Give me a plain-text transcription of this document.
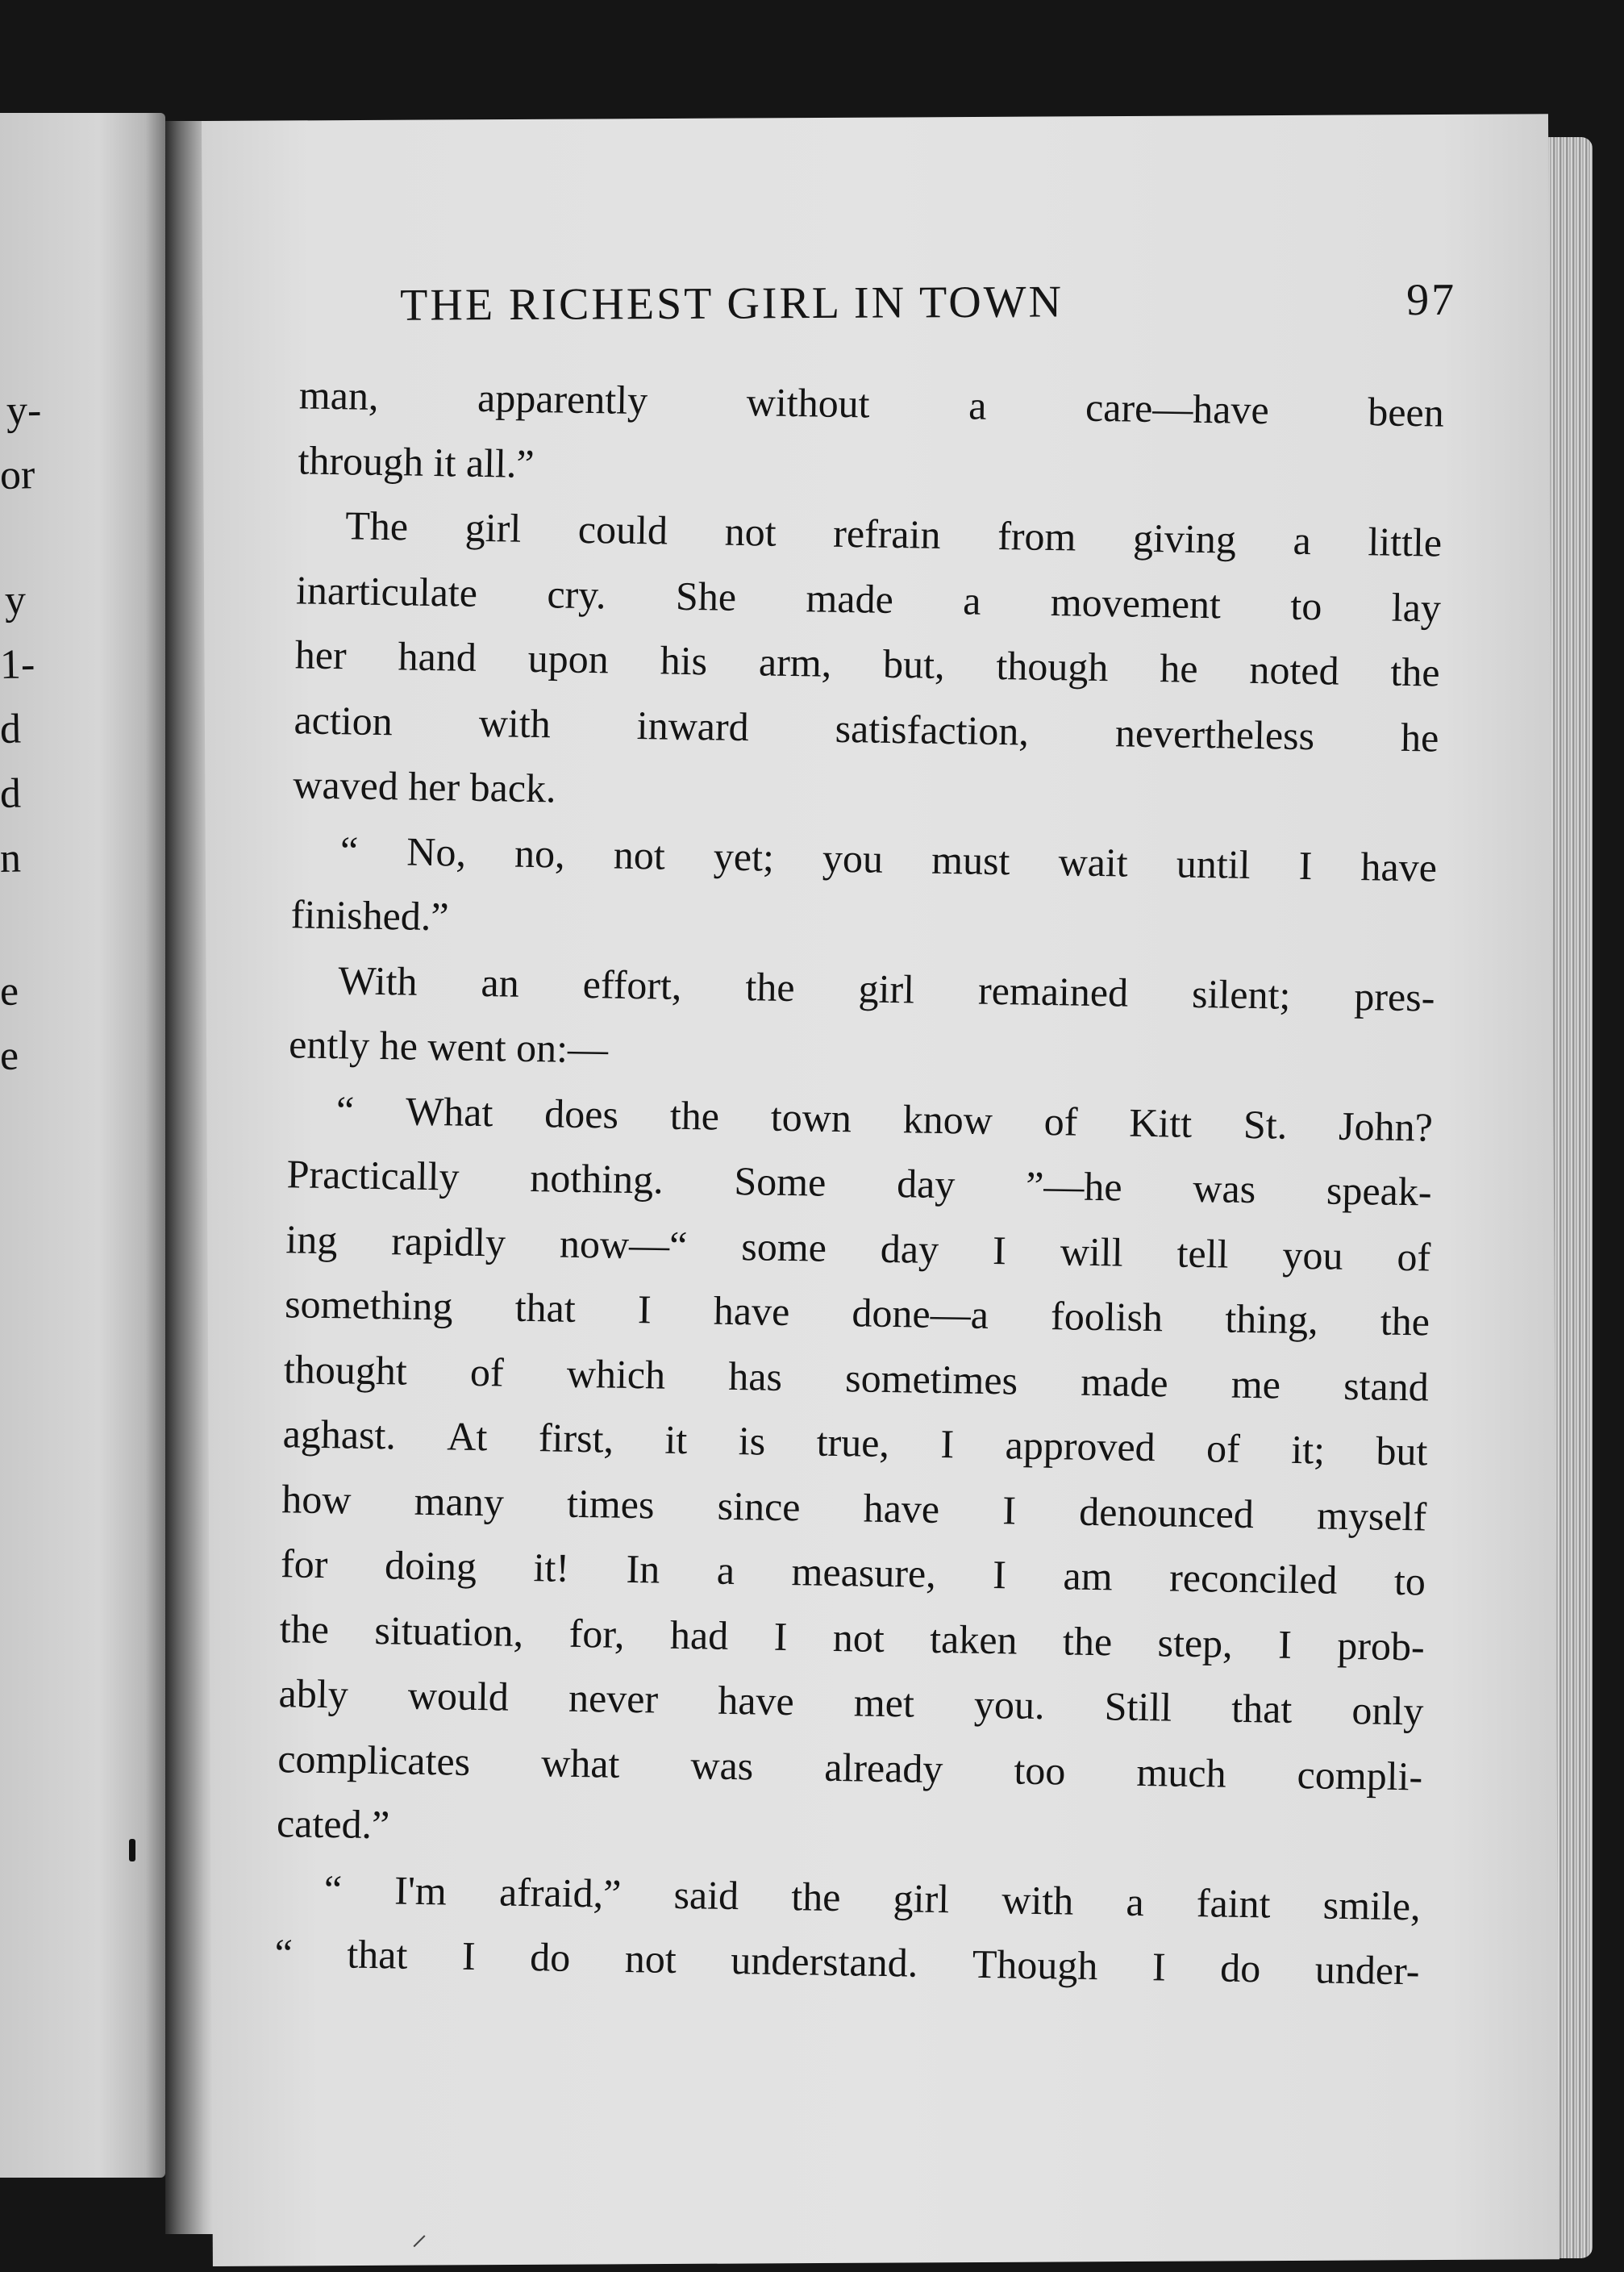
y-
or
y
1-
d
d
n
e
e
THE RICHEST GIRL IN TOWN	97
man, apparently without a care—have been
through it all.”
The girl could not refrain from giving a little
inarticulate cry. She made a movement to lay
her hand upon his arm, but, though he noted the
action with inward satisfaction, nevertheless he
waved her back.
“ No, no, not yet; you must wait until I have
finished.”
With an effort, the girl remained silent; pres-
ently he went on:—
“ What does the town know of Kitt St. John?
Practically nothing. Some day ”—he was speak-
ing rapidly now—“ some day I will tell you of
something that I have done—a foolish thing, the
thought of which has sometimes made me stand
aghast. At first, it is true, I approved of it; but
how many times since have I denounced myself
for doing it! In a measure, I am reconciled to
the situation, for, had I not taken the step, I prob-
ably would never have met you. Still that only
complicates what was already too much compli-
cated.”
“ I'm afraid,” said the girl with a faint smile,
“ that I do not understand. Though I do under-
⸝
